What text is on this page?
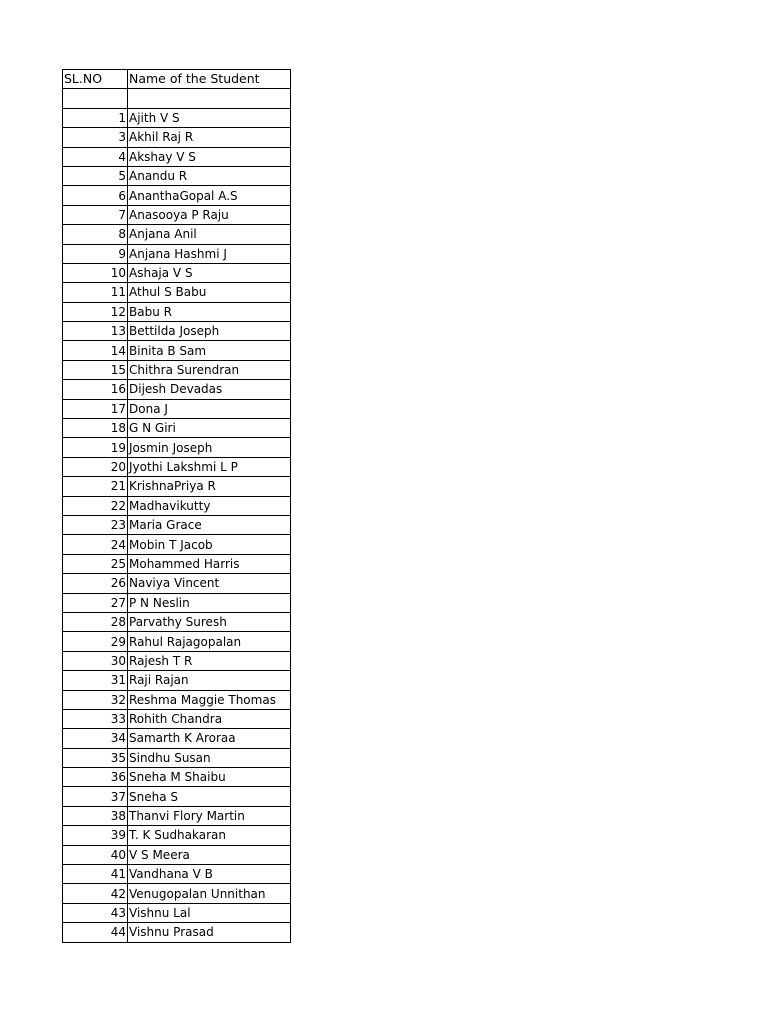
SL.NO	Name of the Student

1	Ajith V S
3	Akhil Raj R
4	Akshay V S
5	Anandu R
6	AnanthaGopal A.S
7	Anasooya P Raju
8	Anjana Anil
9	Anjana Hashmi J
10	Ashaja V S
11	Athul S Babu
12	Babu R
13	Bettilda Joseph
14	Binita B Sam
15	Chithra Surendran
16	Dijesh Devadas
17	Dona J
18	G N Giri
19	Josmin Joseph
20	Jyothi Lakshmi L P
21	KrishnaPriya R
22	Madhavikutty
23	Maria Grace
24	Mobin T Jacob
25	Mohammed Harris
26	Naviya Vincent
27	P N Neslin
28	Parvathy Suresh
29	Rahul Rajagopalan
30	Rajesh T R
31	Raji Rajan
32	Reshma Maggie Thomas
33	Rohith Chandra
34	Samarth K Aroraa
35	Sindhu Susan
36	Sneha M Shaibu
37	Sneha S
38	Thanvi Flory Martin
39	T. K Sudhakaran
40	V S Meera
41	Vandhana V B
42	Venugopalan Unnithan
43	Vishnu Lal
44	Vishnu Prasad
